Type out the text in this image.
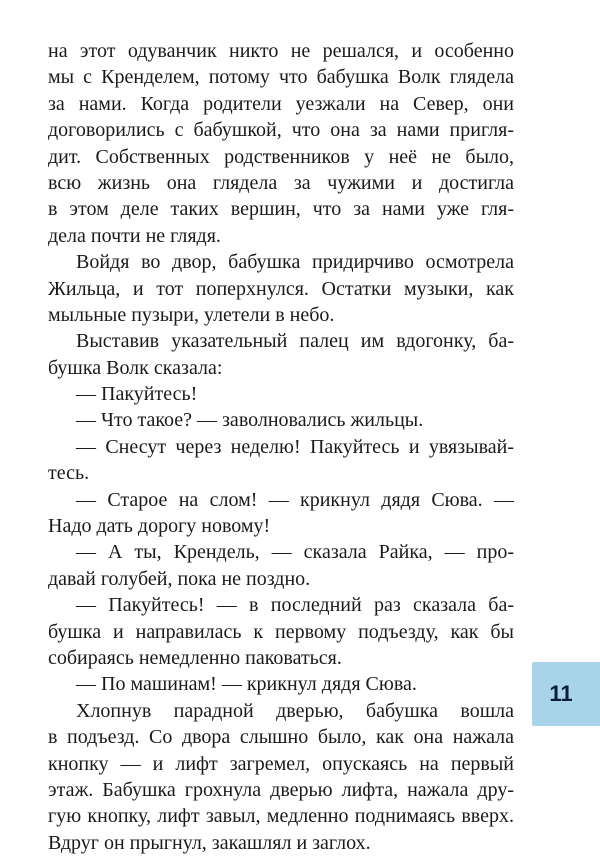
на этот одуванчик никто не решался, и особенно
мы с Кренделем, потому что бабушка Волк глядела
за нами. Когда родители уезжали на Север, они
договорились с бабушкой, что она за нами пригля-
дит. Собственных родственников у неё не было,
всю жизнь она глядела за чужими и достигла
в этом деле таких вершин, что за нами уже гля-
дела почти не глядя.
Войдя во двор, бабушка придирчиво осмотрела
Жильца, и тот поперхнулся. Остатки музыки, как
мыльные пузыри, улетели в небо.
Выставив указательный палец им вдогонку, ба-
бушка Волк сказала:
— Пакуйтесь!
— Что такое? — заволновались жильцы.
— Снесут через неделю! Пакуйтесь и увязывай-
тесь.
— Старое на слом! — крикнул дядя Сюва. —
Надо дать дорогу новому!
— А ты, Крендель, — сказала Райка, — про-
давай голубей, пока не поздно.
— Пакуйтесь! — в последний раз сказала ба-
бушка и направилась к первому подъезду, как бы
собираясь немедленно паковаться.
— По машинам! — крикнул дядя Сюва.
Хлопнув парадной дверью, бабушка вошла
в подъезд. Со двора слышно было, как она нажала
кнопку — и лифт загремел, опускаясь на первый
этаж. Бабушка грохнула дверью лифта, нажала дру-
гую кнопку, лифт завыл, медленно поднимаясь вверх.
Вдруг он прыгнул, закашлял и заглох.
11
